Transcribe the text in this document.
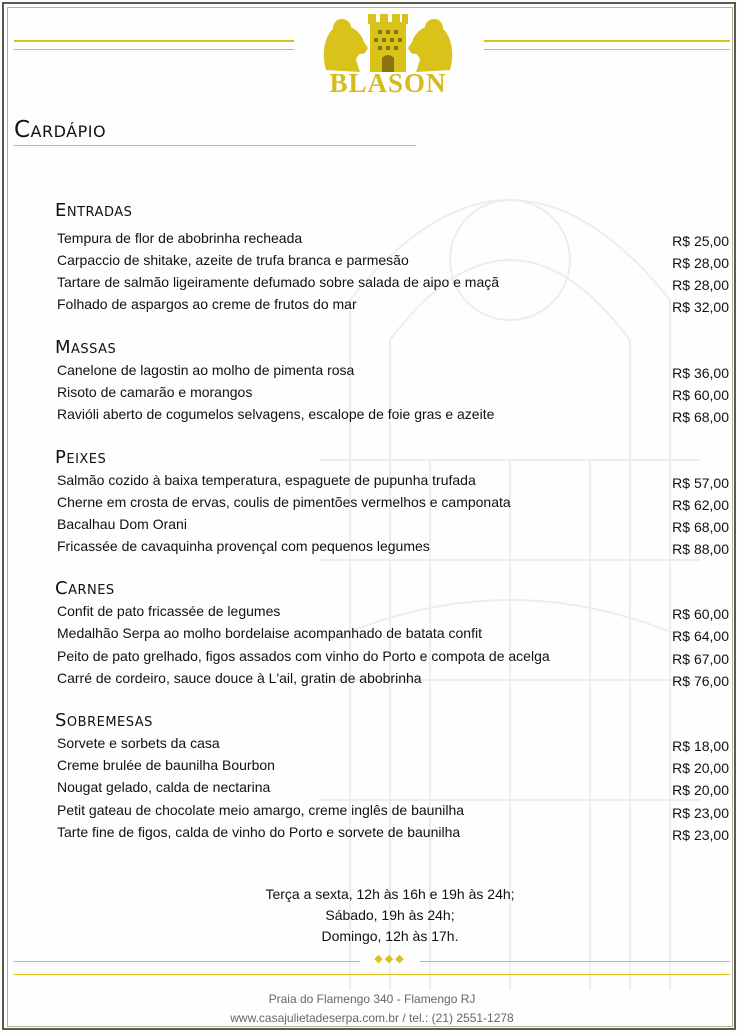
BLASON
Cardápio
Entradas
Tempura de flor de abobrinha recheada	R$ 25,00
Carpaccio de shitake, azeite de trufa branca e parmesão	R$ 28,00
Tartare de salmão ligeiramente defumado sobre salada de aipo e maçã	R$ 28,00
Folhado de aspargos ao creme de frutos do mar	R$ 32,00
Massas
Canelone de lagostin ao molho de pimenta rosa	R$ 36,00
Risoto de camarão e morangos	R$ 60,00
Ravióli aberto de cogumelos selvagens, escalope de foie gras e azeite	R$ 68,00
Peixes
Salmão cozido à baixa temperatura, espaguete de pupunha trufada	R$ 57,00
Cherne em crosta de ervas, coulis de pimentões vermelhos e camponata	R$ 62,00
Bacalhau Dom Orani	R$ 68,00
Fricassée de cavaquinha provençal com pequenos legumes	R$ 88,00
Carnes
Confit de pato fricassée de legumes	R$ 60,00
Medalhão Serpa ao molho bordelaise acompanhado de batata confit	R$ 64,00
Peito de pato grelhado, figos assados com vinho do Porto e compota de acelga	R$ 67,00
Carré de cordeiro, sauce douce à L'ail, gratin de abobrinha	R$ 76,00
Sobremesas
Sorvete e sorbets da casa	R$ 18,00
Creme brulée de baunilha Bourbon	R$ 20,00
Nougat gelado, calda de nectarina	R$ 20,00
Petit gateau de chocolate meio amargo, creme inglês de baunilha	R$ 23,00
Tarte fine de figos, calda de vinho do Porto e sorvete de baunilha	R$ 23,00
Terça a sexta, 12h às 16h e 19h às 24h;
Sábado, 19h às 24h;
Domingo, 12h às 17h.
◆◆◆
Praia do Flamengo 340 - Flamengo RJ
www.casajulietadeserpa.com.br / tel.: (21) 2551-1278
